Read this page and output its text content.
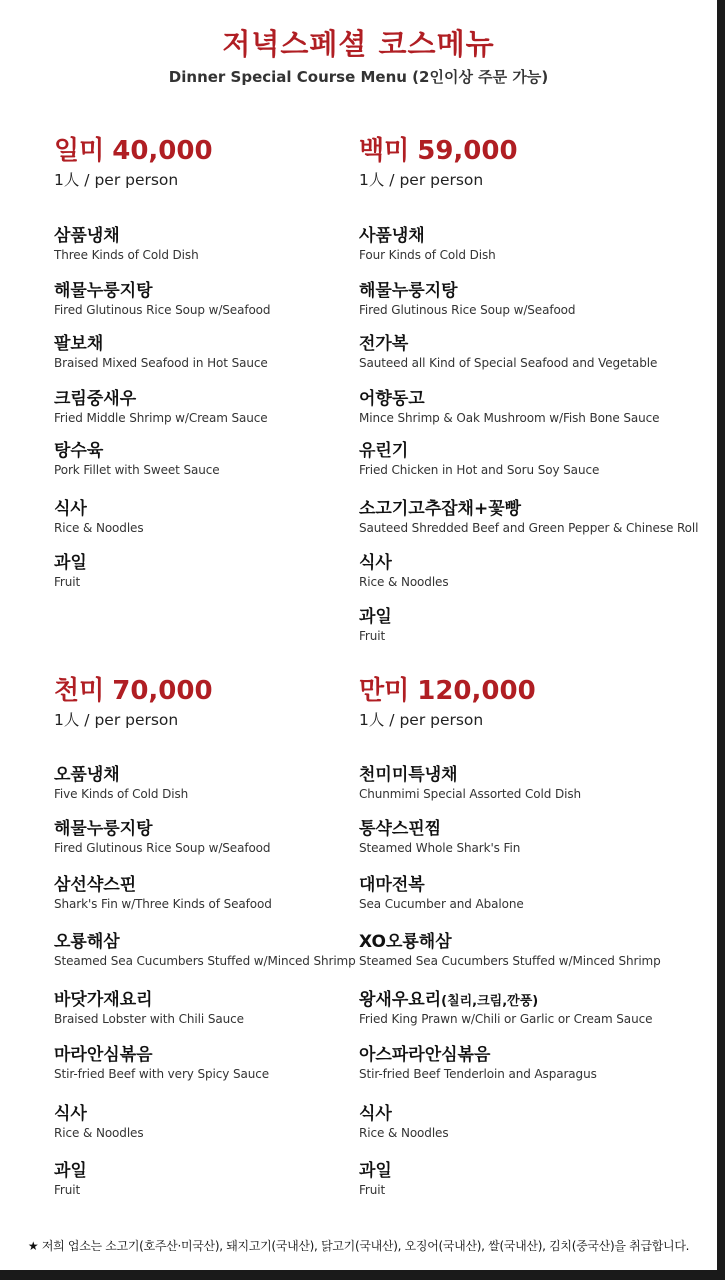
저녁스페셜 코스메뉴
Dinner Special Course Menu (2인이상 주문 가능)
일미 40,000
1人 / per person
삼품냉채
Three Kinds of Cold Dish
해물누룽지탕
Fired Glutinous Rice Soup w/Seafood
팔보채
Braised Mixed Seafood in Hot Sauce
크림중새우
Fried Middle Shrimp w/Cream Sauce
탕수육
Pork Fillet with Sweet Sauce
식사
Rice & Noodles
과일
Fruit
백미 59,000
1人 / per person
사품냉채
Four Kinds of Cold Dish
해물누룽지탕
Fired Glutinous Rice Soup w/Seafood
전가복
Sauteed all Kind of Special Seafood and Vegetable
어향동고
Mince Shrimp & Oak Mushroom w/Fish Bone Sauce
유린기
Fried Chicken in Hot and Soru Soy Sauce
소고기고추잡채+꽃빵
Sauteed Shredded Beef and Green Pepper & Chinese Roll
식사
Rice & Noodles
과일
Fruit
천미 70,000
1人 / per person
오품냉채
Five Kinds of Cold Dish
해물누룽지탕
Fired Glutinous Rice Soup w/Seafood
삼선샥스핀
Shark's Fin w/Three Kinds of Seafood
오룡해삼
Steamed Sea Cucumbers Stuffed w/Minced Shrimp
바닷가재요리
Braised Lobster with Chili Sauce
마라안심볶음
Stir-fried Beef with very Spicy Sauce
식사
Rice & Noodles
과일
Fruit
만미 120,000
1人 / per person
천미미특냉채
Chunmimi Special Assorted Cold Dish
통샥스핀찜
Steamed Whole Shark's Fin
대마전복
Sea Cucumber and Abalone
XO오룡해삼
Steamed Sea Cucumbers Stuffed w/Minced Shrimp
왕새우요리(칠리,크림,깐풍)
Fried King Prawn w/Chili or Garlic or Cream Sauce
아스파라안심볶음
Stir-fried Beef Tenderloin and Asparagus
식사
Rice & Noodles
과일
Fruit
★ 저희 업소는 소고기(호주산·미국산), 돼지고기(국내산), 닭고기(국내산), 오징어(국내산), 쌀(국내산), 김치(중국산)을 취급합니다.
